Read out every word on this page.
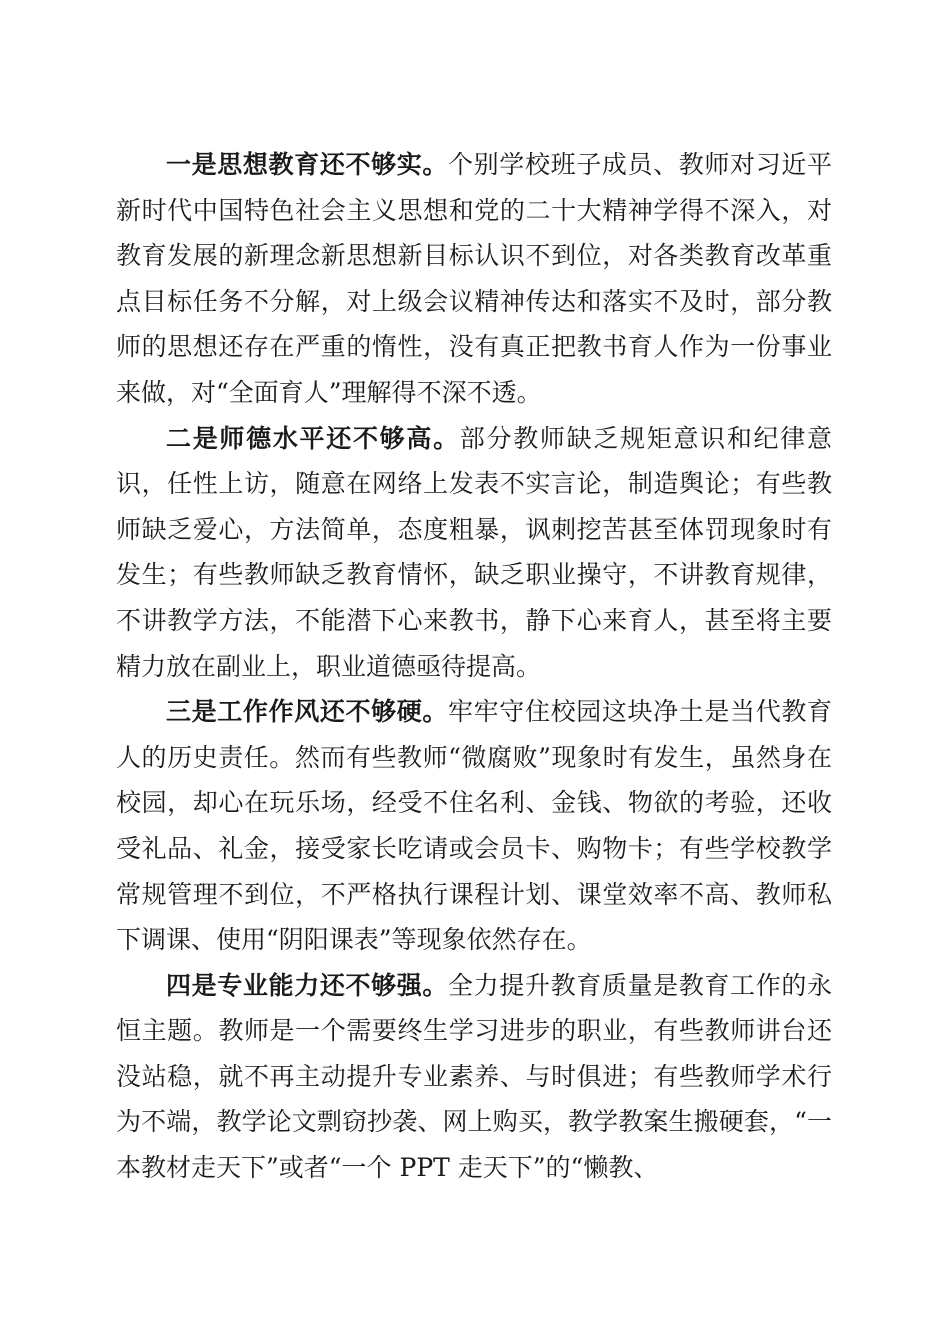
一是思想教育还不够实。个别学校班子成员、教师对习近平新时代中国特色社会主义思想和党的二十大精神学得不深入，对教育发展的新理念新思想新目标认识不到位，对各类教育改革重点目标任务不分解，对上级会议精神传达和落实不及时，部分教师的思想还存在严重的惰性，没有真正把教书育人作为一份事业来做，对“全面育人”理解得不深不透。

二是师德水平还不够高。部分教师缺乏规矩意识和纪律意识，任性上访，随意在网络上发表不实言论，制造舆论；有些教师缺乏爱心，方法简单，态度粗暴，讽刺挖苦甚至体罚现象时有发生；有些教师缺乏教育情怀，缺乏职业操守，不讲教育规律，不讲教学方法，不能潜下心来教书，静下心来育人，甚至将主要精力放在副业上，职业道德亟待提高。

三是工作作风还不够硬。牢牢守住校园这块净土是当代教育人的历史责任。然而有些教师“微腐败”现象时有发生，虽然身在校园，却心在玩乐场，经受不住名利、金钱、物欲的考验，还收受礼品、礼金，接受家长吃请或会员卡、购物卡；有些学校教学常规管理不到位，不严格执行课程计划、课堂效率不高、教师私下调课、使用“阴阳课表”等现象依然存在。

四是专业能力还不够强。全力提升教育质量是教育工作的永恒主题。教师是一个需要终生学习进步的职业，有些教师讲台还没站稳，就不再主动提升专业素养、与时俱进；有些教师学术行为不端，教学论文剽窃抄袭、网上购买，教学教案生搬硬套，“一本教材走天下”或者“一个 PPT 走天下”的“懒教、
